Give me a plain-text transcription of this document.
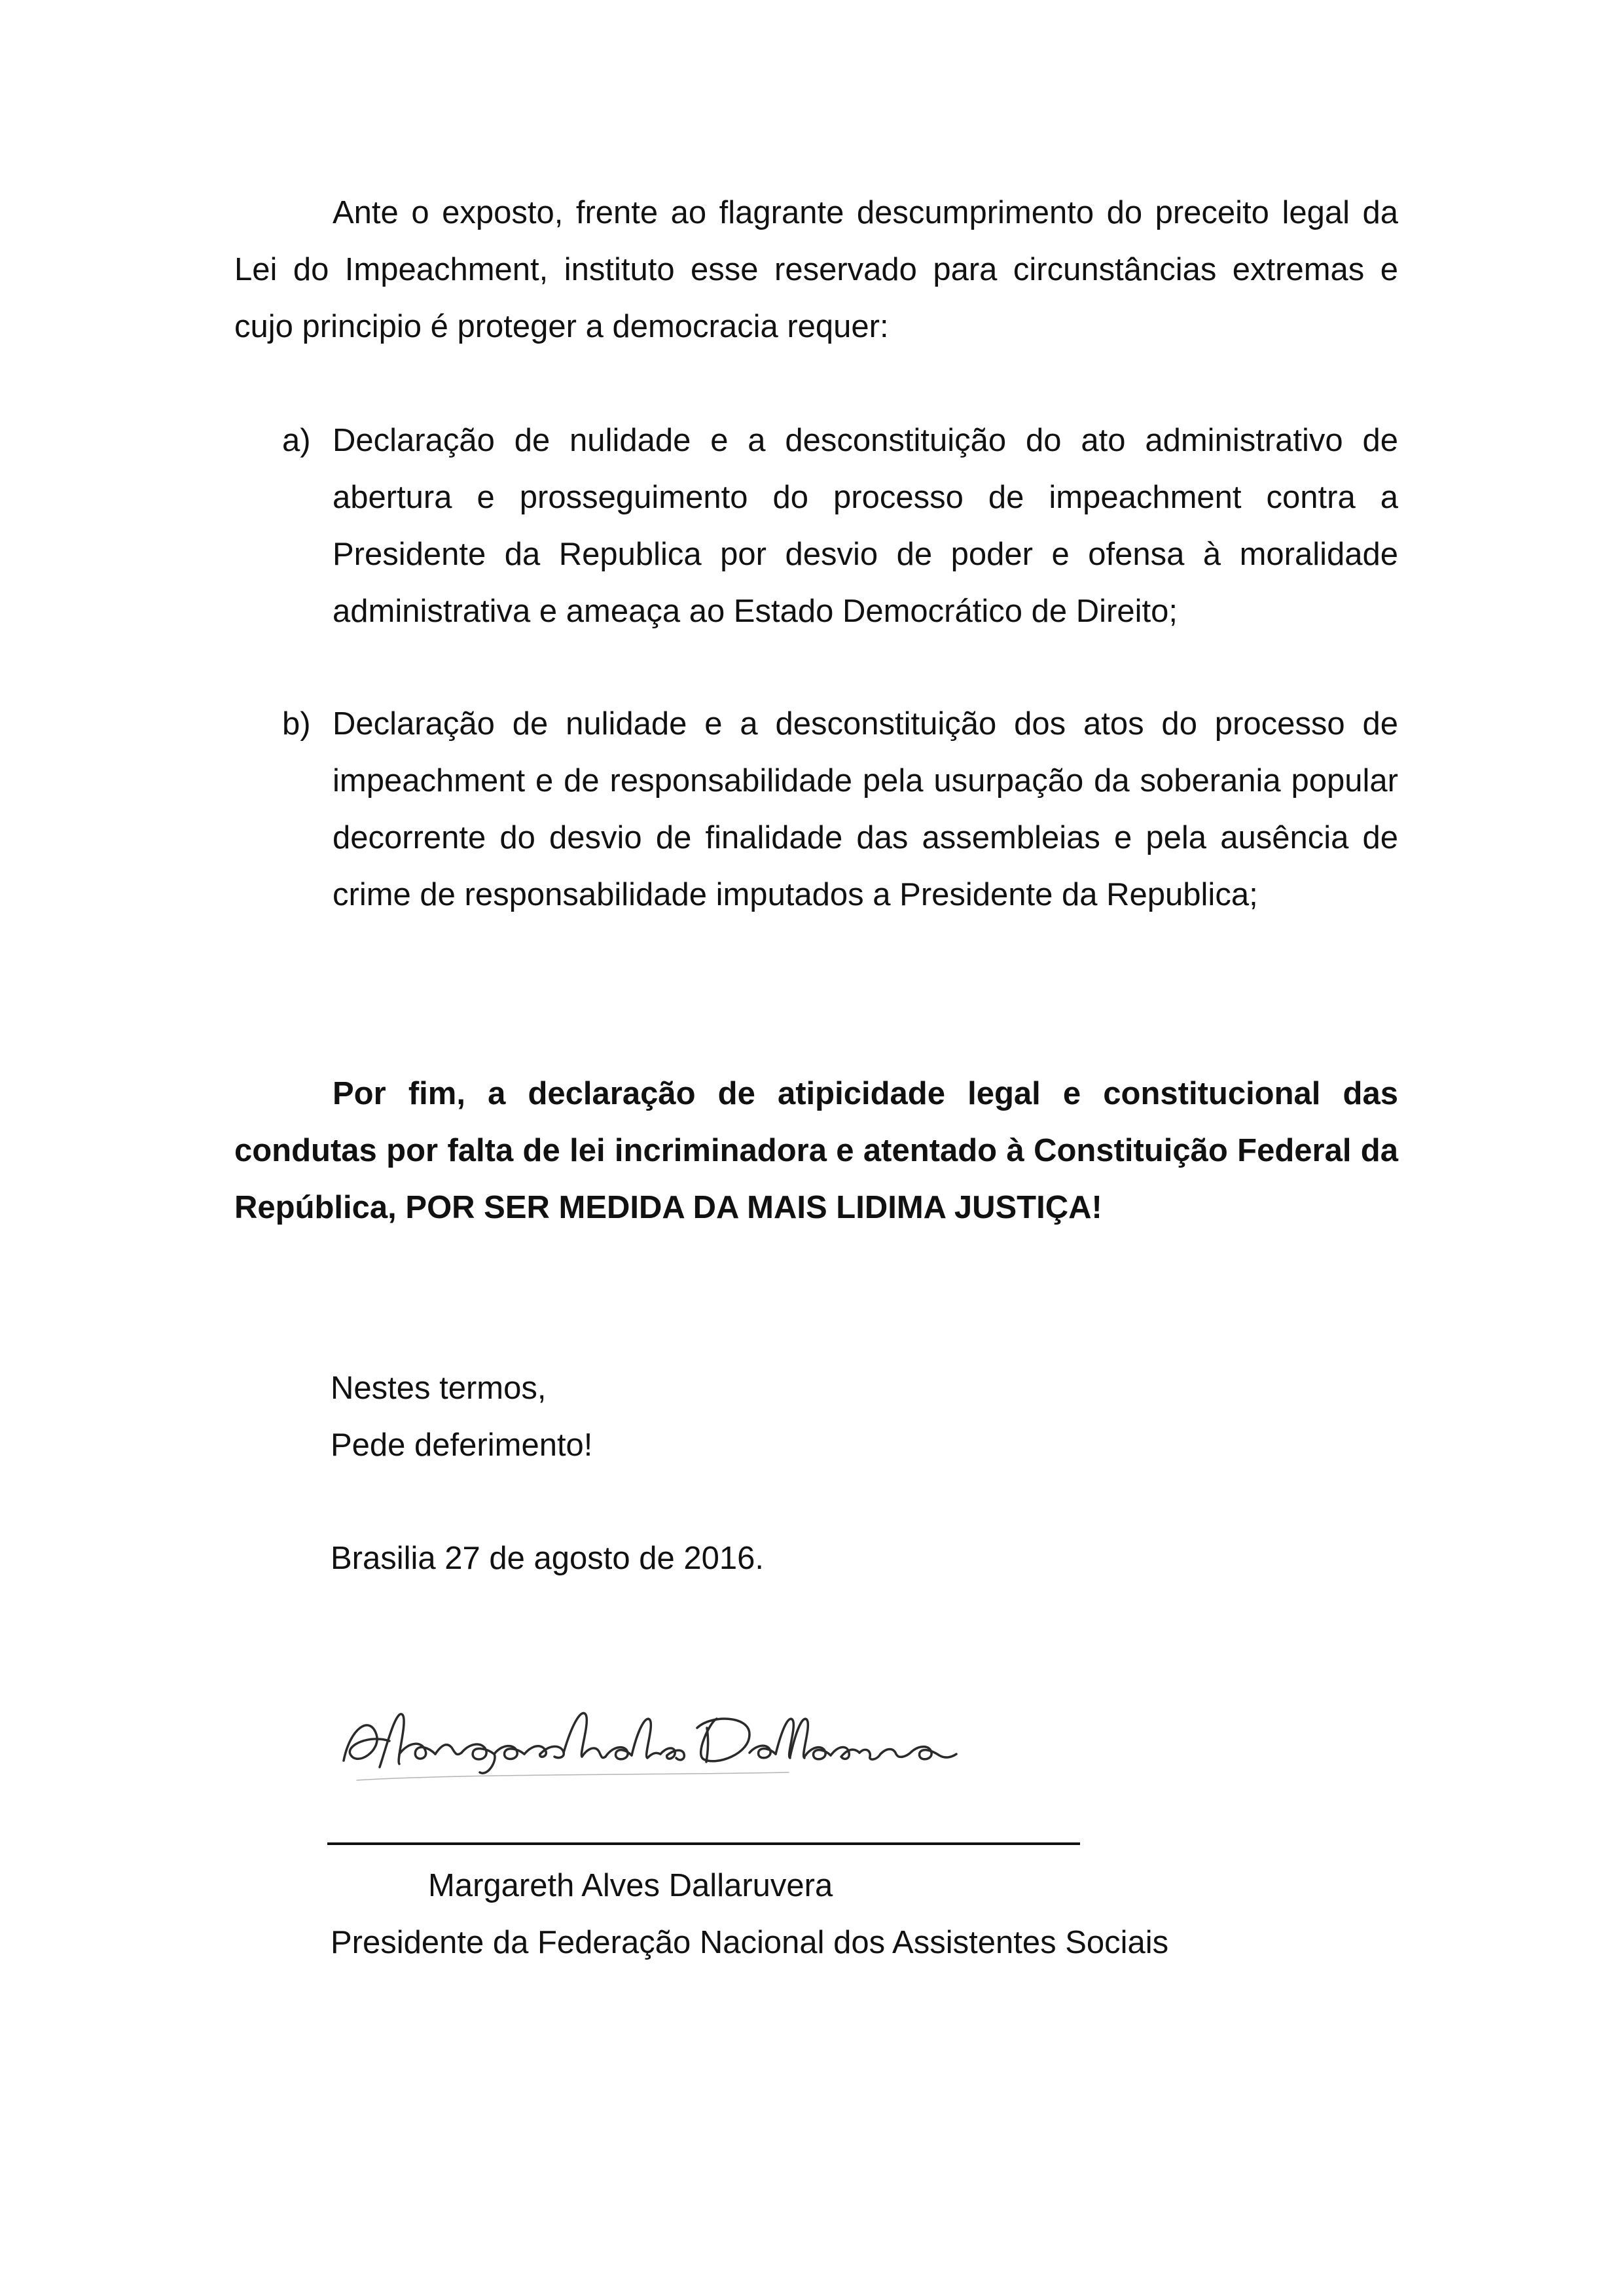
Ante o exposto, frente ao flagrante descumprimento do preceito legal da Lei do Impeachment, instituto esse reservado para circunstâncias extremas e cujo principio é proteger a democracia requer:

a) Declaração de nulidade e a desconstituição do ato administrativo de abertura e prosseguimento do processo de impeachment contra a Presidente da Republica por desvio de poder e ofensa à moralidade administrativa e ameaça ao Estado Democrático de Direito;
b) Declaração de nulidade e a desconstituição dos atos do processo de impeachment e de responsabilidade pela usurpação da soberania popular decorrente do desvio de finalidade das assembleias e pela ausência de crime de responsabilidade imputados a Presidente da Republica;

Por fim, a declaração de atipicidade legal e constitucional das condutas por falta de lei incriminadora e atentado à Constituição Federal da República, POR SER MEDIDA DA MAIS LIDIMA JUSTIÇA!

Nestes termos,
Pede deferimento!
Brasilia 27 de agosto de 2016.
Margareth Alves Dallaruvera
Presidente da Federação Nacional dos Assistentes Sociais
